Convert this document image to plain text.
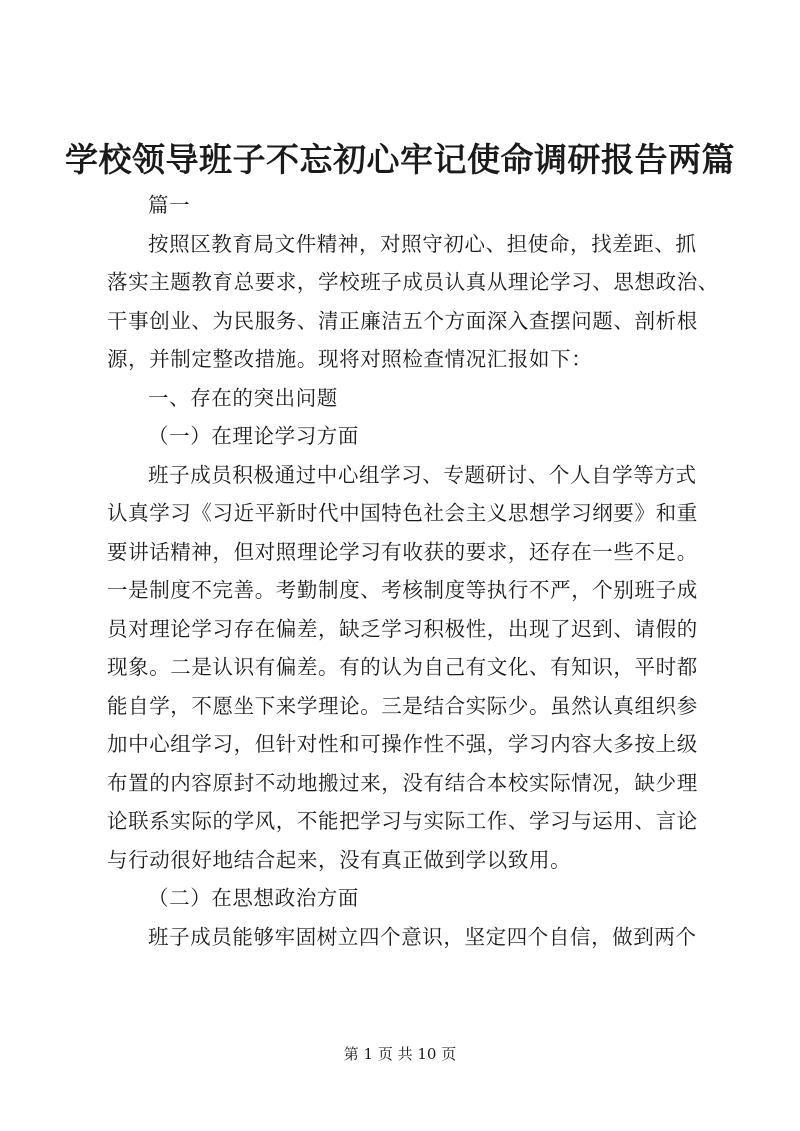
学校领导班子不忘初心牢记使命调研报告两篇
篇一
按照区教育局文件精神，对照守初心、担使命，找差距、抓
落实主题教育总要求，学校班子成员认真从理论学习、思想政治、
干事创业、为民服务、清正廉洁五个方面深入查摆问题、剖析根
源，并制定整改措施。现将对照检查情况汇报如下：
一、存在的突出问题
（一）在理论学习方面
班子成员积极通过中心组学习、专题研讨、个人自学等方式
认真学习《习近平新时代中国特色社会主义思想学习纲要》和重
要讲话精神，但对照理论学习有收获的要求，还存在一些不足。
一是制度不完善。考勤制度、考核制度等执行不严，个别班子成
员对理论学习存在偏差，缺乏学习积极性，出现了迟到、请假的
现象。二是认识有偏差。有的认为自己有文化、有知识，平时都
能自学，不愿坐下来学理论。三是结合实际少。虽然认真组织参
加中心组学习，但针对性和可操作性不强，学习内容大多按上级
布置的内容原封不动地搬过来，没有结合本校实际情况，缺少理
论联系实际的学风，不能把学习与实际工作、学习与运用、言论
与行动很好地结合起来，没有真正做到学以致用。
（二）在思想政治方面
班子成员能够牢固树立四个意识，坚定四个自信，做到两个
第 1 页 共 10 页
